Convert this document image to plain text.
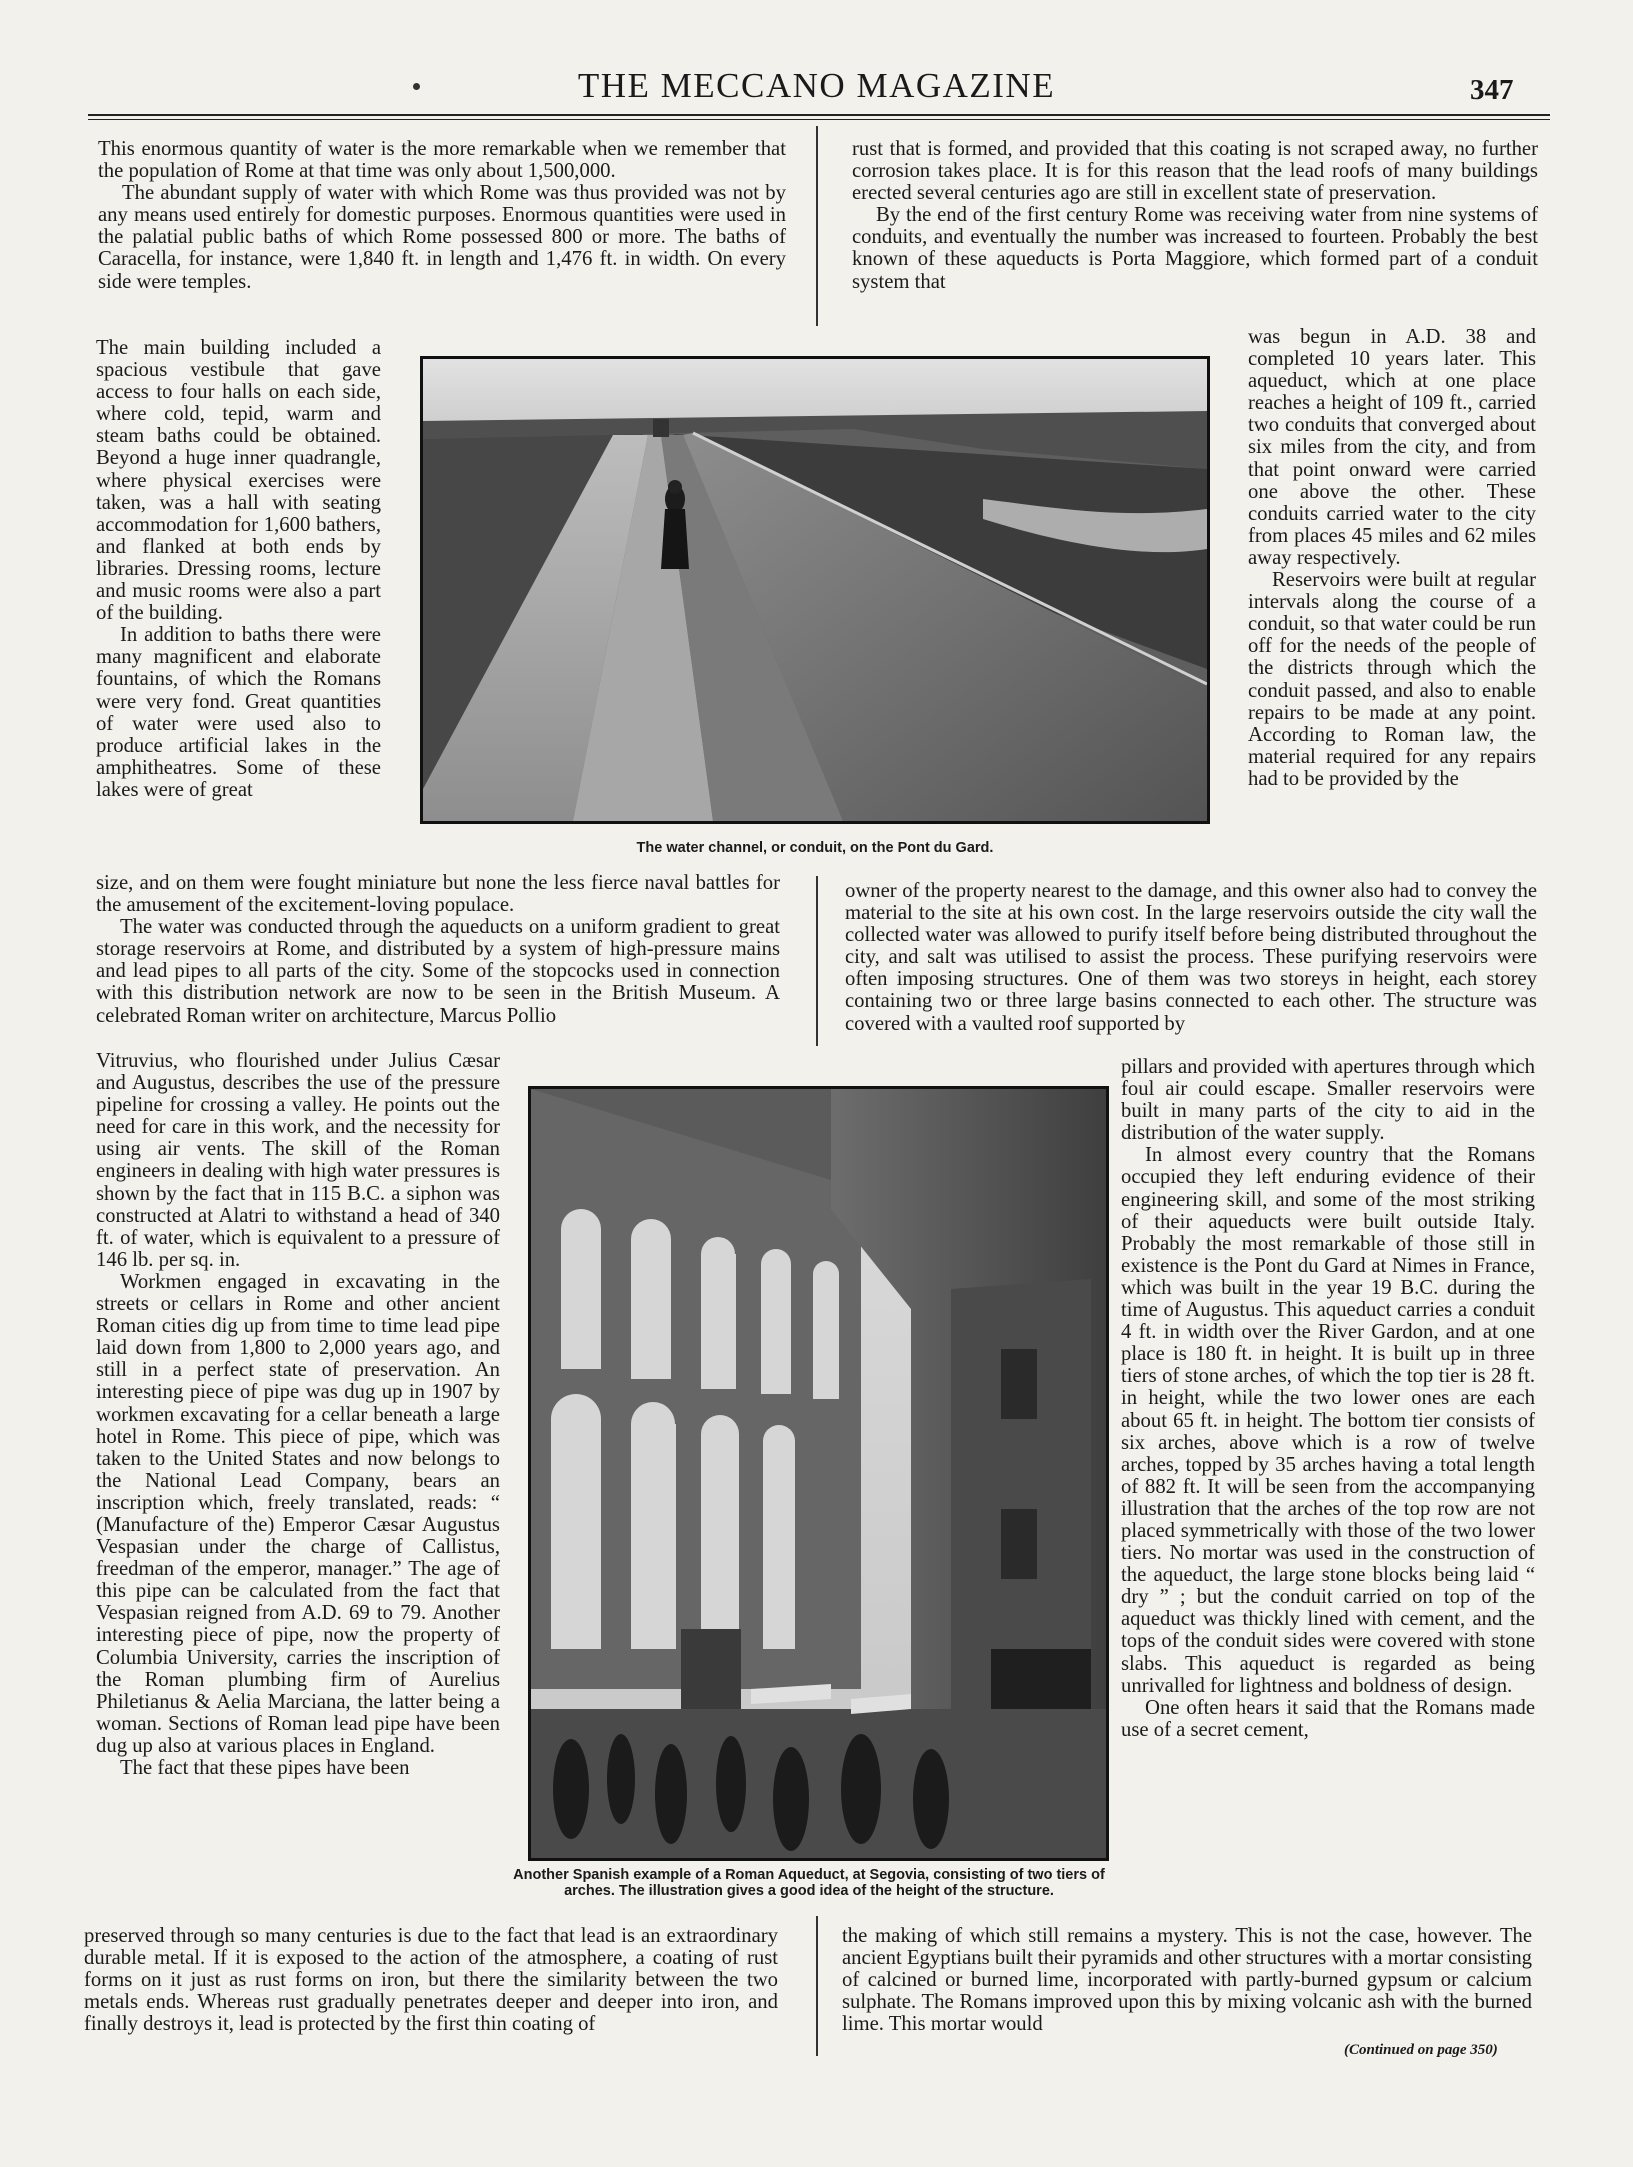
THE MECCANO MAGAZINE	347

This enormous quantity of water is the more remarkable when we remember that the population of Rome at that time was only about 1,500,000.

The abundant supply of water with which Rome was thus provided was not by any means used entirely for domestic purposes. Enormous quantities were used in the palatial public baths of which Rome possessed 800 or more. The baths of Caracella, for instance, were 1,840 ft. in length and 1,476 ft. in width. On every side were temples.

The main building included a spacious vestibule that gave access to four halls on each side, where cold, tepid, warm and steam baths could be obtained. Beyond a huge inner quadrangle, where physical exercises were taken, was a hall with seating accommodation for 1,600 bathers, and flanked at both ends by libraries. Dressing rooms, lecture and music rooms were also a part of the building.

In addition to baths there were many magnificent and elaborate fountains, of which the Romans were very fond. Great quantities of water were used also to produce artificial lakes in the amphitheatres. Some of these lakes were of great

size, and on them were fought miniature but none the less fierce naval battles for the amusement of the excitement-loving populace.

The water was conducted through the aqueducts on a uniform gradient to great storage reservoirs at Rome, and distributed by a system of high-pressure mains and lead pipes to all parts of the city. Some of the stopcocks used in connection with this distribution network are now to be seen in the British Museum. A celebrated Roman writer on architecture, Marcus Pollio

Vitruvius, who flourished under Julius Cæsar and Augustus, describes the use of the pressure pipeline for crossing a valley. He points out the need for care in this work, and the necessity for using air vents. The skill of the Roman engineers in dealing with high water pressures is shown by the fact that in 115 B.C. a siphon was constructed at Alatri to withstand a head of 340 ft. of water, which is equivalent to a pressure of 146 lb. per sq. in.

Workmen engaged in excavating in the streets or cellars in Rome and other ancient Roman cities dig up from time to time lead pipe laid down from 1,800 to 2,000 years ago, and still in a perfect state of preservation. An interesting piece of pipe was dug up in 1907 by workmen excavating for a cellar beneath a large hotel in Rome. This piece of pipe, which was taken to the United States and now belongs to the National Lead Company, bears an inscription which, freely translated, reads: “ (Manufacture of the) Emperor Cæsar Augustus Vespasian under the charge of Callistus, freedman of the emperor, manager.” The age of this pipe can be calculated from the fact that Vespasian reigned from A.D. 69 to 79. Another interesting piece of pipe, now the property of Columbia University, carries the inscription of the Roman plumbing firm of Aurelius Philetianus & Aelia Marciana, the latter being a woman. Sections of Roman lead pipe have been dug up also at various places in England.

The fact that these pipes have been

preserved through so many centuries is due to the fact that lead is an extraordinary durable metal. If it is exposed to the action of the atmosphere, a coating of rust forms on it just as rust forms on iron, but there the similarity between the two metals ends. Whereas rust gradually penetrates deeper and deeper into iron, and finally destroys it, lead is protected by the first thin coating of

rust that is formed, and provided that this coating is not scraped away, no further corrosion takes place. It is for this reason that the lead roofs of many buildings erected several centuries ago are still in excellent state of preservation.

By the end of the first century Rome was receiving water from nine systems of conduits, and eventually the number was increased to fourteen. Probably the best known of these aqueducts is Porta Maggiore, which formed part of a conduit system that

was begun in A.D. 38 and completed 10 years later. This aqueduct, which at one place reaches a height of 109 ft., carried two conduits that converged about six miles from the city, and from that point onward were carried one above the other. These conduits carried water to the city from places 45 miles and 62 miles away respectively.

Reservoirs were built at regular intervals along the course of a conduit, so that water could be run off for the needs of the people of the districts through which the conduit passed, and also to enable repairs to be made at any point. According to Roman law, the material required for any repairs had to be provided by the

owner of the property nearest to the damage, and this owner also had to convey the material to the site at his own cost. In the large reservoirs outside the city wall the collected water was allowed to purify itself before being distributed throughout the city, and salt was utilised to assist the process. These purifying reservoirs were often imposing structures. One of them was two storeys in height, each storey containing two or three large basins connected to each other. The structure was covered with a vaulted roof supported by

pillars and provided with apertures through which foul air could escape. Smaller reservoirs were built in many parts of the city to aid in the distribution of the water supply.

In almost every country that the Romans occupied they left enduring evidence of their engineering skill, and some of the most striking of their aqueducts were built outside Italy. Probably the most remarkable of those still in existence is the Pont du Gard at Nimes in France, which was built in the year 19 B.C. during the time of Augustus. This aqueduct carries a conduit 4 ft. in width over the River Gardon, and at one place is 180 ft. in height. It is built up in three tiers of stone arches, of which the top tier is 28 ft. in height, while the two lower ones are each about 65 ft. in height. The bottom tier consists of six arches, above which is a row of twelve arches, topped by 35 arches having a total length of 882 ft. It will be seen from the accompanying illustration that the arches of the top row are not placed symmetrically with those of the two lower tiers. No mortar was used in the construction of the aqueduct, the large stone blocks being laid “ dry ” ; but the conduit carried on top of the aqueduct was thickly lined with cement, and the tops of the conduit sides were covered with stone slabs. This aqueduct is regarded as being unrivalled for lightness and boldness of design.

One often hears it said that the Romans made use of a secret cement,

the making of which still remains a mystery. This is not the case, however. The ancient Egyptians built their pyramids and other structures with a mortar consisting of calcined or burned lime, incorporated with partly-burned gypsum or calcium sulphate. The Romans improved upon this by mixing volcanic ash with the burned lime. This mortar would

(Continued on page 350)
The water channel, or conduit, on the Pont du Gard.
Another Spanish example of a Roman Aqueduct, at Segovia, consisting of two tiers of arches. The illustration gives a good idea of the height of the structure.
